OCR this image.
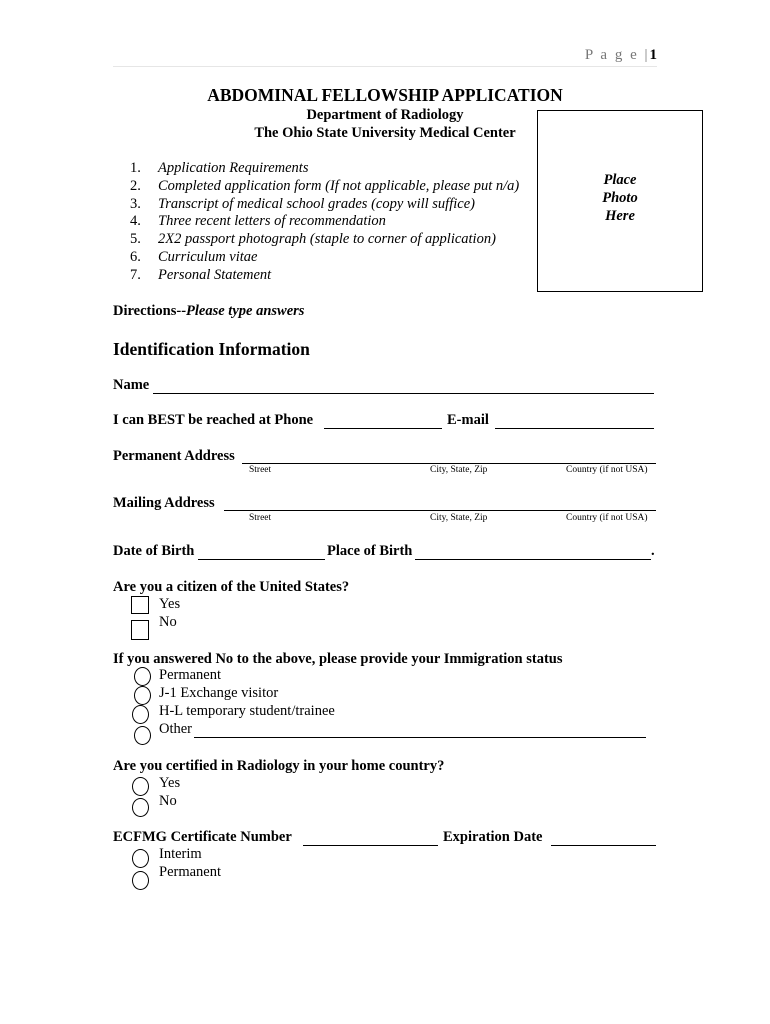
P a g e |1
ABDOMINAL FELLOWSHIP APPLICATION
Department of Radiology
The Ohio State University Medical Center
1. Application Requirements
2. Completed application form (If not applicable, please put n/a)
3. Transcript of medical school grades (copy will suffice)
4. Three recent letters of recommendation
5. 2X2 passport photograph (staple to corner of application)
6. Curriculum vitae
7. Personal Statement
Place
Photo
Here
Directions--Please type answers
Identification Information
Name
I can BEST be reached at Phone	E-mail
Permanent Address
Street	City, State, Zip	Country (if not USA)
Mailing Address
Street	City, State, Zip	Country (if not USA)
Date of Birth	Place of Birth	.
Are you a citizen of the United States?
Yes
No
If you answered No to the above, please provide your Immigration status
Permanent
J-1 Exchange visitor
H-L temporary student/trainee
Other
Are you certified in Radiology in your home country?
Yes
No
ECFMG Certificate Number	Expiration Date
Interim
Permanent
